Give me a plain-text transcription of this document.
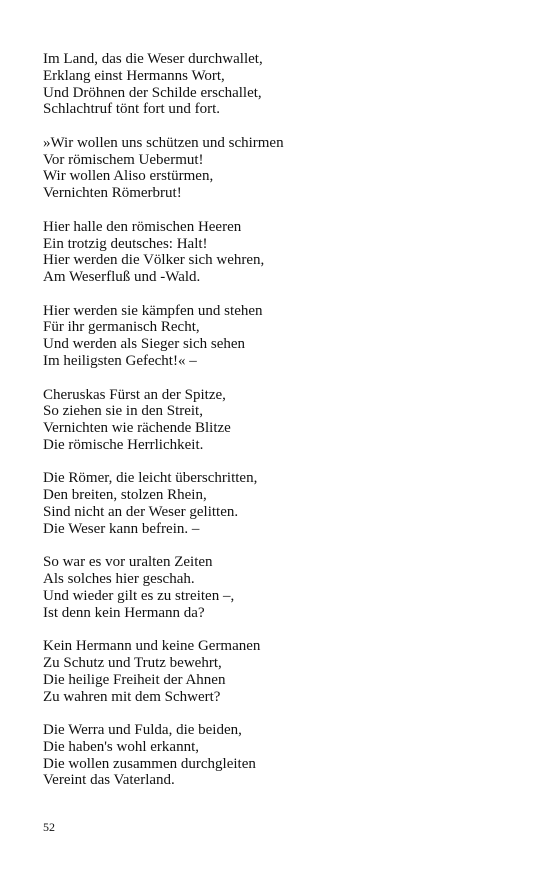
Im Land, das die Weser durchwallet,
Erklang einst Hermanns Wort,
Und Dröhnen der Schilde erschallet,
Schlachtruf tönt fort und fort.
»Wir wollen uns schützen und schirmen
Vor römischem Uebermut!
Wir wollen Aliso erstürmen,
Vernichten Römerbrut!
Hier halle den römischen Heeren
Ein trotzig deutsches: Halt!
Hier werden die Völker sich wehren,
Am Weserfluß und -Wald.
Hier werden sie kämpfen und stehen
Für ihr germanisch Recht,
Und werden als Sieger sich sehen
Im heiligsten Gefecht!« –
Cheruskas Fürst an der Spitze,
So ziehen sie in den Streit,
Vernichten wie rächende Blitze
Die römische Herrlichkeit.
Die Römer, die leicht überschritten,
Den breiten, stolzen Rhein,
Sind nicht an der Weser gelitten.
Die Weser kann befrein. –
So war es vor uralten Zeiten
Als solches hier geschah.
Und wieder gilt es zu streiten –,
Ist denn kein Hermann da?
Kein Hermann und keine Germanen
Zu Schutz und Trutz bewehrt,
Die heilige Freiheit der Ahnen
Zu wahren mit dem Schwert?
Die Werra und Fulda, die beiden,
Die haben's wohl erkannt,
Die wollen zusammen durchgleiten
Vereint das Vaterland.
52
